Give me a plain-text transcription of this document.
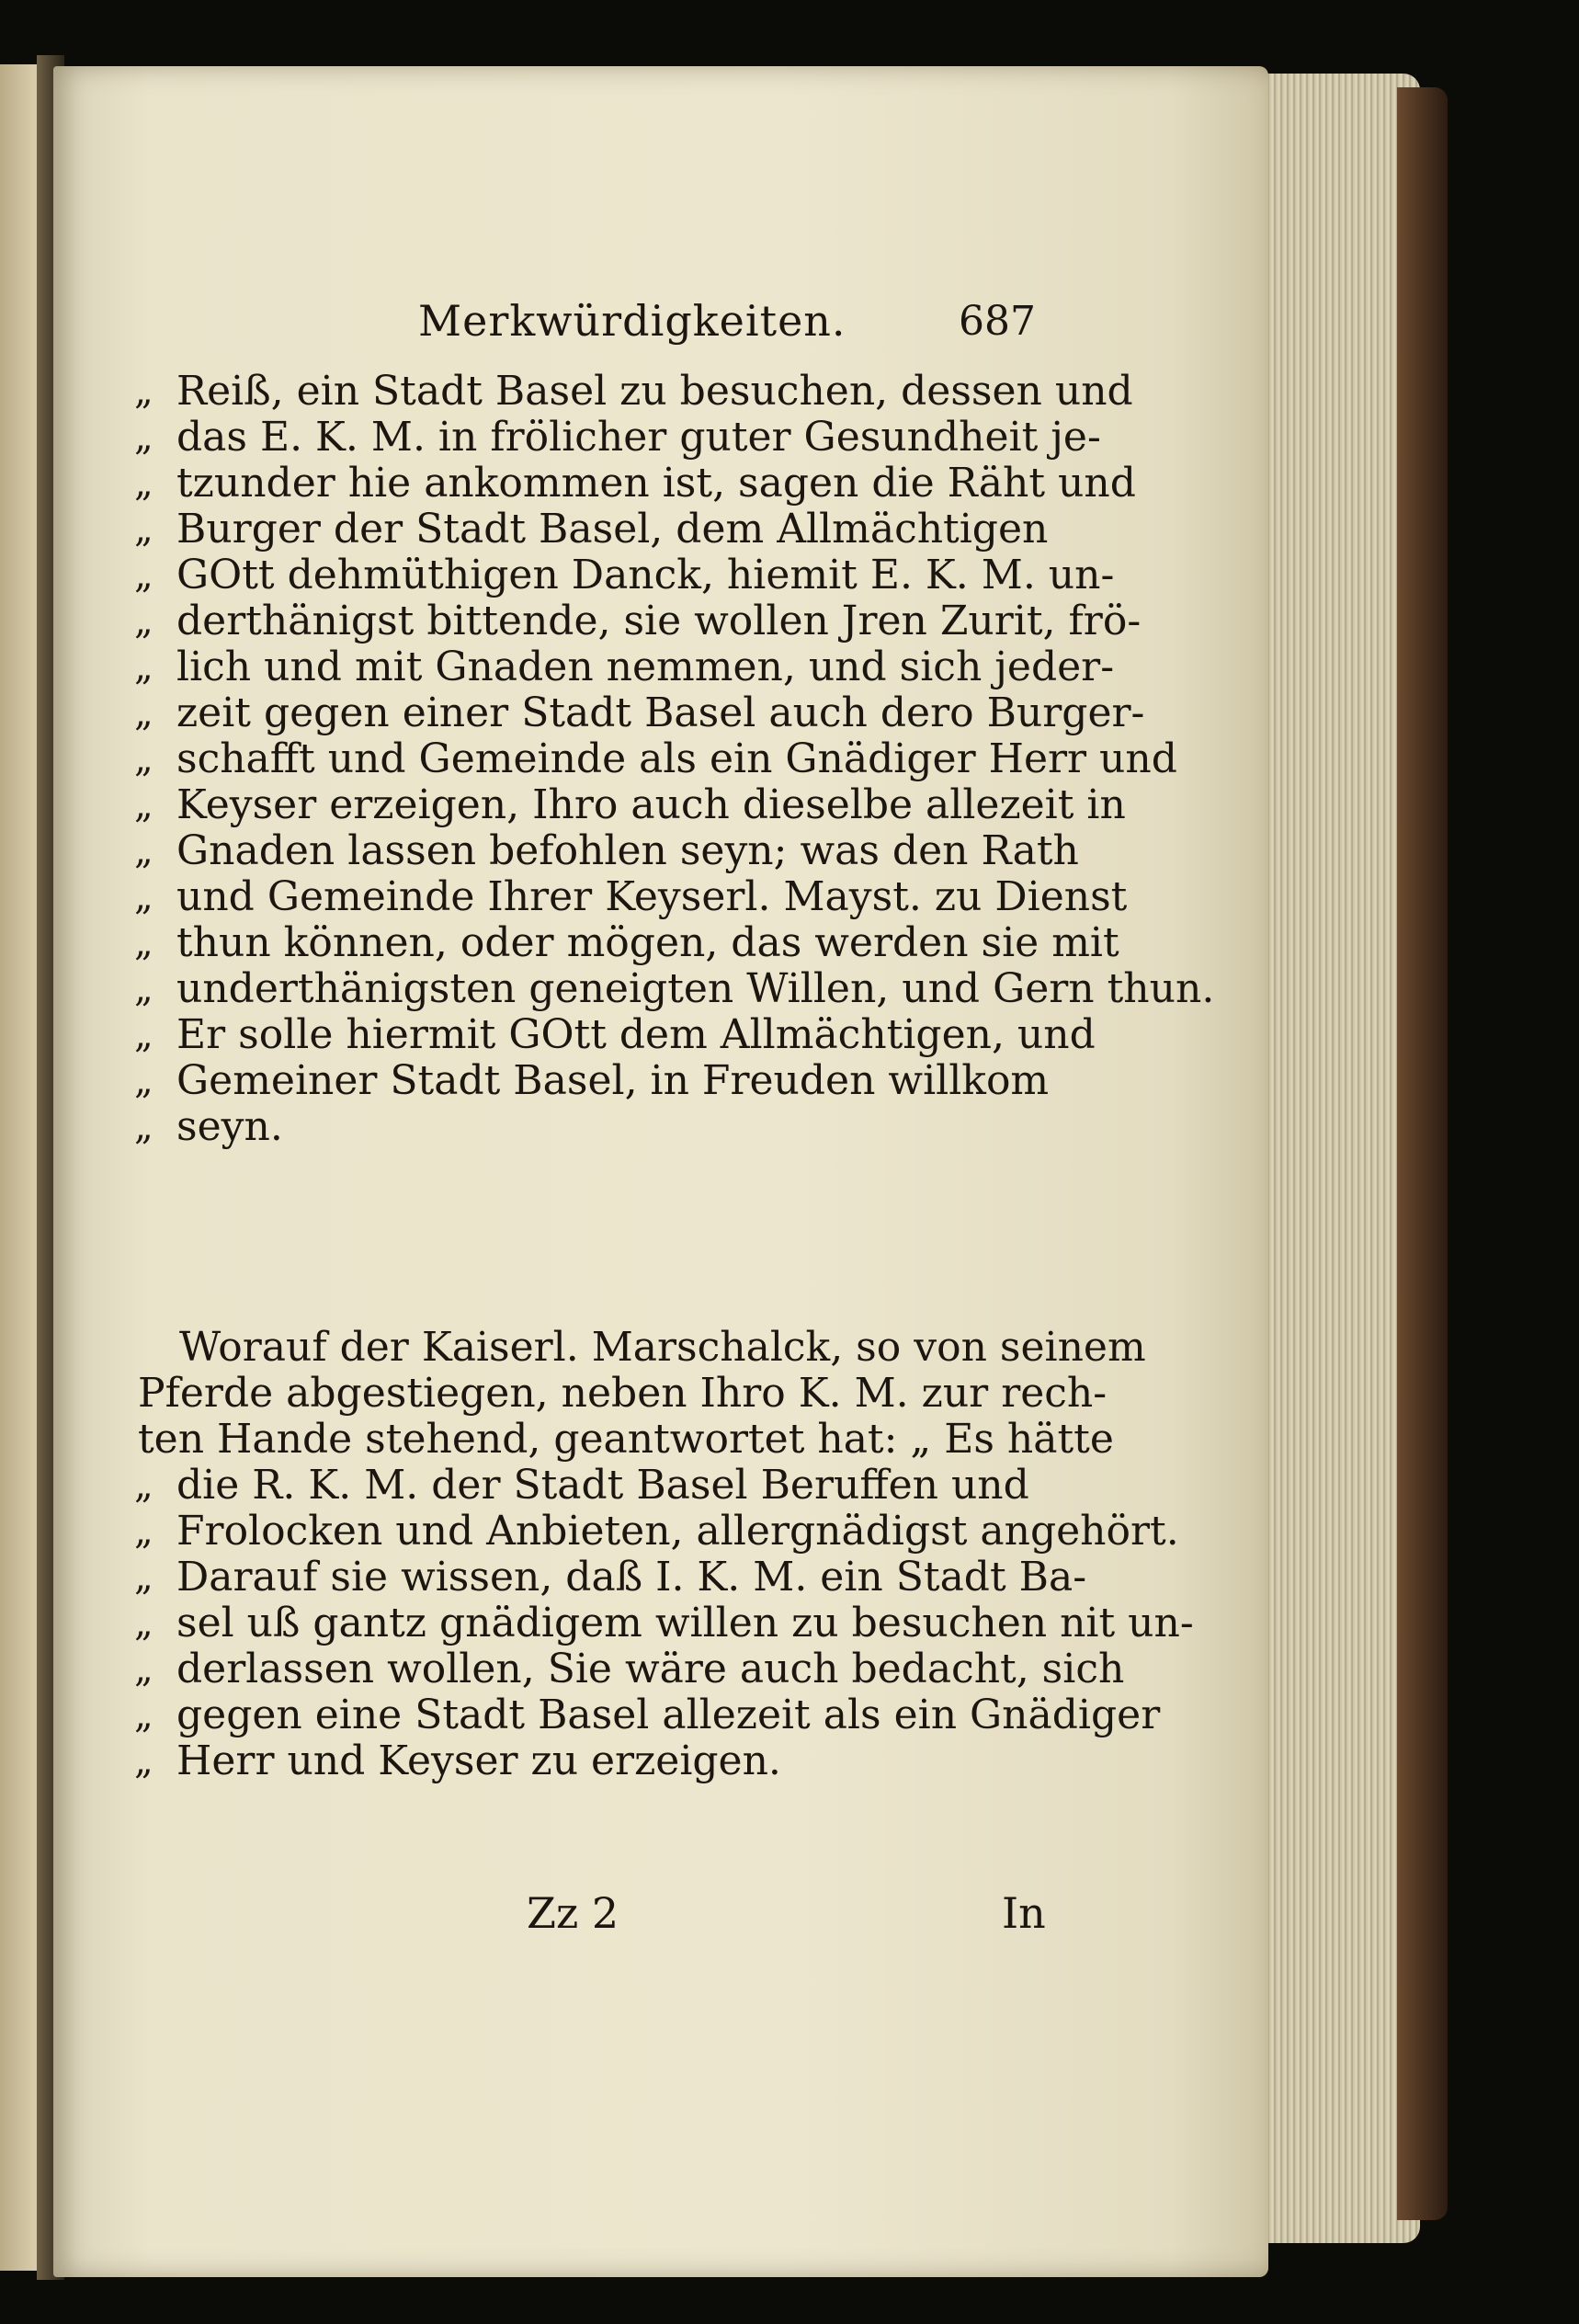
Merkwürdigkeiten.	687
„ Reiß, ein Stadt Basel zu besuchen, dessen und
„ das E. K. M. in frölicher guter Gesundheit je-
„ tzunder hie ankommen ist, sagen die Räht und
„ Burger der Stadt Basel, dem Allmächtigen
„ GOtt dehmüthigen Danck, hiemit E. K. M. un-
„ derthänigst bittende, sie wollen Jren Zurit, frö-
„ lich und mit Gnaden nemmen, und sich jeder-
„ zeit gegen einer Stadt Basel auch dero Burger-
„ schafft und Gemeinde als ein Gnädiger Herr und
„ Keyser erzeigen, Ihro auch dieselbe allezeit in
„ Gnaden lassen befohlen seyn; was den Rath
„ und Gemeinde Ihrer Keyserl. Mayst. zu Dienst
„ thun können, oder mögen, das werden sie mit
„ underthänigsten geneigten Willen, und Gern thun.
„ Er solle hiermit GOtt dem Allmächtigen, und
„ Gemeiner Stadt Basel, in Freuden willkom
„ seyn.
Worauf der Kaiserl. Marschalck, so von seinem
Pferde abgestiegen, neben Ihro K. M. zur rech-
ten Hande stehend, geantwortet hat: „ Es hätte
„ die R. K. M. der Stadt Basel Beruffen und
„ Frolocken und Anbieten, allergnädigst angehört.
„ Darauf sie wissen, daß I. K. M. ein Stadt Ba-
„ sel uß gantz gnädigem willen zu besuchen nit un-
„ derlassen wollen, Sie wäre auch bedacht, sich
„ gegen eine Stadt Basel allezeit als ein Gnädiger
„ Herr und Keyser zu erzeigen.
Zz 2	In
